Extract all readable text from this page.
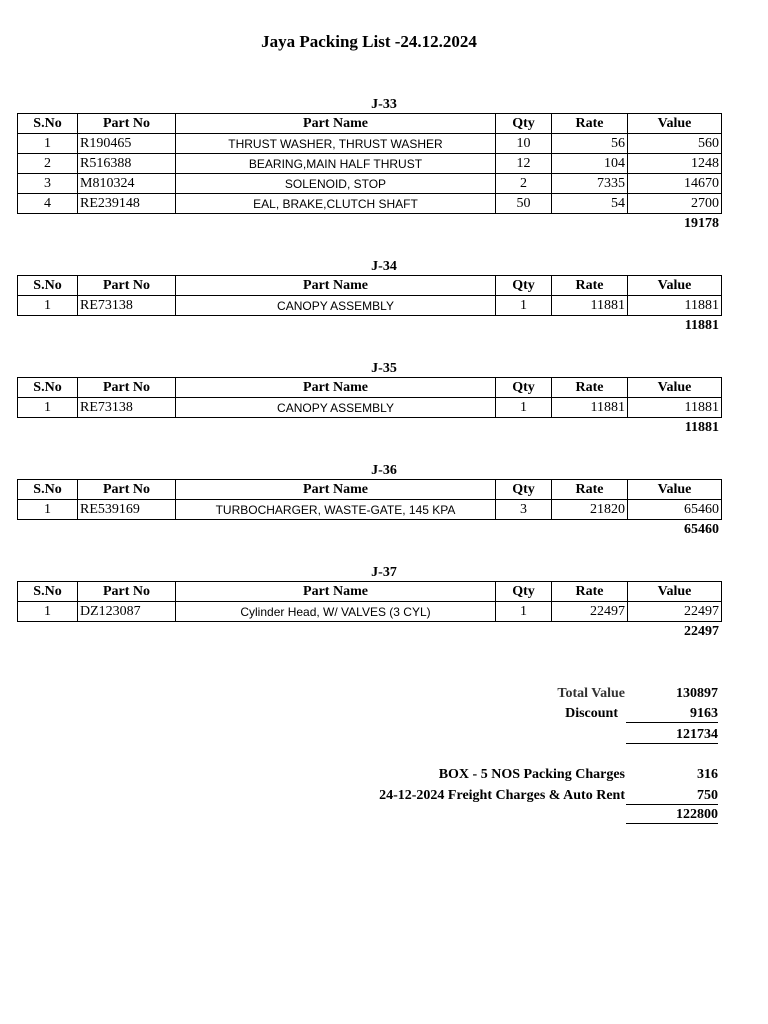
Jaya Packing List -24.12.2024
J-33
S.No	Part No	Part Name	Qty	Rate	Value
1	R190465	THRUST WASHER, THRUST WASHER	10	56	560
2	R516388	BEARING,MAIN HALF THRUST	12	104	1248
3	M810324	SOLENOID, STOP	2	7335	14670
4	RE239148	EAL, BRAKE,CLUTCH SHAFT	50	54	2700
19178
J-34
S.No	Part No	Part Name	Qty	Rate	Value
1	RE73138	CANOPY ASSEMBLY	1	11881	11881
11881
J-35
S.No	Part No	Part Name	Qty	Rate	Value
1	RE73138	CANOPY ASSEMBLY	1	11881	11881
11881
J-36
S.No	Part No	Part Name	Qty	Rate	Value
1	RE539169	TURBOCHARGER, WASTE-GATE, 145 KPA	3	21820	65460
65460
J-37
S.No	Part No	Part Name	Qty	Rate	Value
1	DZ123087	Cylinder Head, W/ VALVES (3 CYL)	1	22497	22497
22497
Total Value	130897
Discount	9163
121734
BOX - 5 NOS Packing Charges	316
24-12-2024 Freight Charges & Auto Rent	750
122800
